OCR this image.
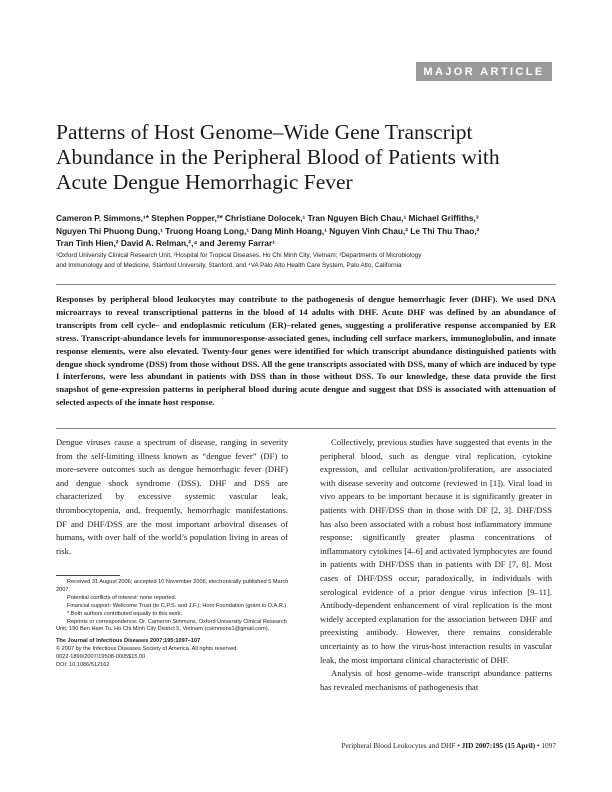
MAJOR ARTICLE
Patterns of Host Genome–Wide Gene Transcript Abundance in the Peripheral Blood of Patients with Acute Dengue Hemorrhagic Fever
Cameron P. Simmons,¹* Stephen Popper,²* Christiane Dolocek,¹ Tran Nguyen Bich Chau,¹ Michael Griffiths,³
Nguyen Thi Phuong Dung,¹ Truong Hoang Long,¹ Dang Minh Hoang,¹ Nguyen Vinh Chau,² Le Thi Thu Thao,²
Tran Tinh Hien,² David A. Relman,²,⁴ and Jeremy Farrar¹
¹Oxford University Clinical Research Unit, ²Hospital for Tropical Diseases, Ho Chi Minh City, Vietnam; ³Departments of Microbiology
and Immunology and of Medicine, Stanford University, Stanford, and ⁴VA Palo Alto Health Care System, Palo Alto, California

Responses by peripheral blood leukocytes may contribute to the pathogenesis of dengue hemorrhagic fever (DHF). We used DNA microarrays to reveal transcriptional patterns in the blood of 14 adults with DHF. Acute DHF was defined by an abundance of transcripts from cell cycle– and endoplasmic reticulum (ER)–related genes, suggesting a proliferative response accompanied by ER stress. Transcript-abundance levels for immunoresponse-associated genes, including cell surface markers, immunoglobulin, and innate response elements, were also elevated. Twenty-four genes were identified for which transcript abundance distinguished patients with dengue shock syndrome (DSS) from those without DSS. All the gene transcripts associated with DSS, many of which are induced by type I interferons, were less abundant in patients with DSS than in those without DSS. To our knowledge, these data provide the first snapshot of gene-expression patterns in peripheral blood during acute dengue and suggest that DSS is associated with attenuation of selected aspects of the innate host response.

Dengue viruses cause a spectrum of disease, ranging in severity from the self-limiting illness known as “dengue fever” (DF) to more-severe outcomes such as dengue hemorrhagic fever (DHF) and dengue shock syndrome (DSS). DHF and DSS are characterized by excessive systemic vascular leak, thrombocytopenia, and, frequently, hemorrhagic manifestations. DF and DHF/DSS are the most important arboviral diseases of humans, with over half of the world’s population living in areas of risk.

Collectively, previous studies have suggested that events in the peripheral blood, such as dengue viral replication, cytokine expression, and cellular activation/proliferation, are associated with disease severity and outcome (reviewed in [1]). Viral load in vivo appears to be important because it is significantly greater in patients with DHF/DSS than in those with DF [2, 3]. DHF/DSS has also been associated with a robust host inflammatory immune response; significantly greater plasma concentrations of inflammatory cytokines [4–6] and activated lymphocytes are found in patients with DHF/DSS than in patients with DF [7, 8]. Most cases of DHF/DSS occur, paradoxically, in individuals with serological evidence of a prior dengue virus infection [9–11]. Antibody-dependent enhancement of viral replication is the most widely accepted explanation for the association between DHF and preexisting antibody. However, there remains considerable uncertainty as to how the virus-host interaction results in vascular leak, the most important clinical characteristic of DHF.

Analysis of host genome–wide transcript abundance patterns has revealed mechanisms of pathogenesis that

Received 31 August 2006; accepted 10 November 2006; electronically published 5 March 2007.
Potential conflicts of interest: none reported.
Financial support: Wellcome Trust (to C.P.S. and J.F.); Horn Foundation (grant to D.A.R.).
* Both authors contributed equally to this work.
Reprints or correspondence: Dr. Cameron Simmons, Oxford University Clinical Research Unit, 190 Ben Ham Tu, Ho Chi Minh City District 5, Vietnam (csimmons1@gmail.com).
The Journal of Infectious Diseases 2007;195:1097–107
© 2007 by the Infectious Diseases Society of America. All rights reserved.
0022-1899/2007/19508-0005$15.00
DOI: 10.1086/512162
Peripheral Blood Leukocytes and DHF • JID 2007:195 (15 April) • 1097
